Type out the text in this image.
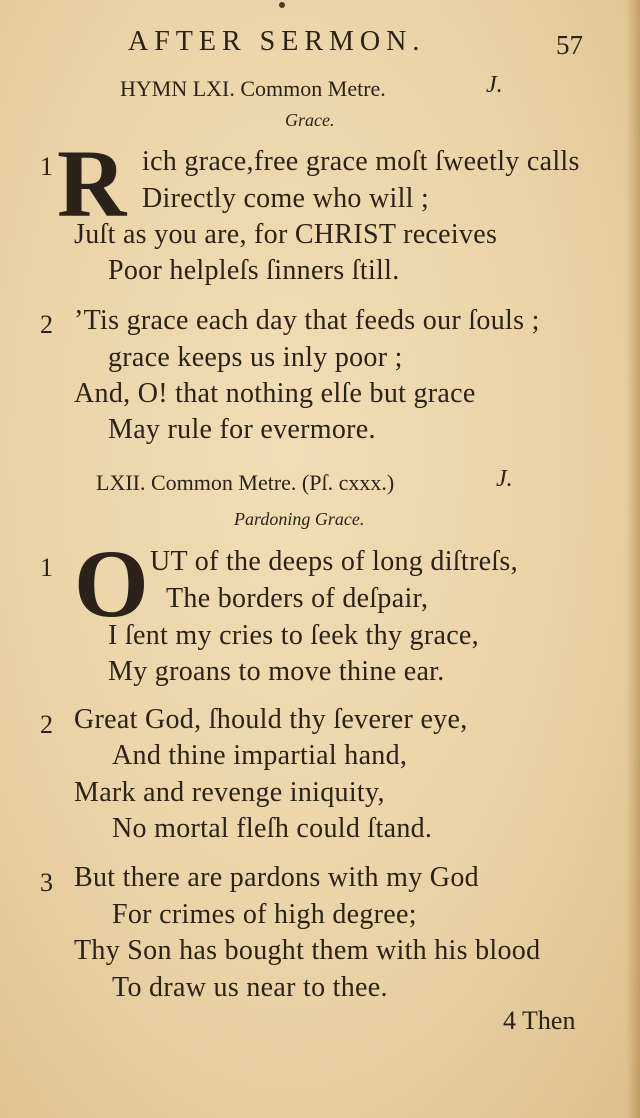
AFTER SERMON.	57
HYMN LXI. Common Metre.	J.
Grace.
1 R ich grace,free grace moſt ſweetly calls
Directly come who will ;
Juſt as you are, for CHRIST receives
Poor helpleſs ſinners ſtill.
2 ’Tis grace each day that feeds our ſouls ;
grace keeps us inly poor ;
And, O! that nothing elſe but grace
May rule for evermore.
LXII. Common Metre. (Pſ. cxxx.)	J.
Pardoning Grace.
1 O UT of the deeps of long diſtreſs,
The borders of deſpair,
I ſent my cries to ſeek thy grace,
My groans to move thine ear.
2 Great God, ſhould thy ſeverer eye,
And thine impartial hand,
Mark and revenge iniquity,
No mortal fleſh could ſtand.
3 But there are pardons with my God
For crimes of high degree;
Thy Son has bought them with his blood
To draw us near to thee.
4 Then
